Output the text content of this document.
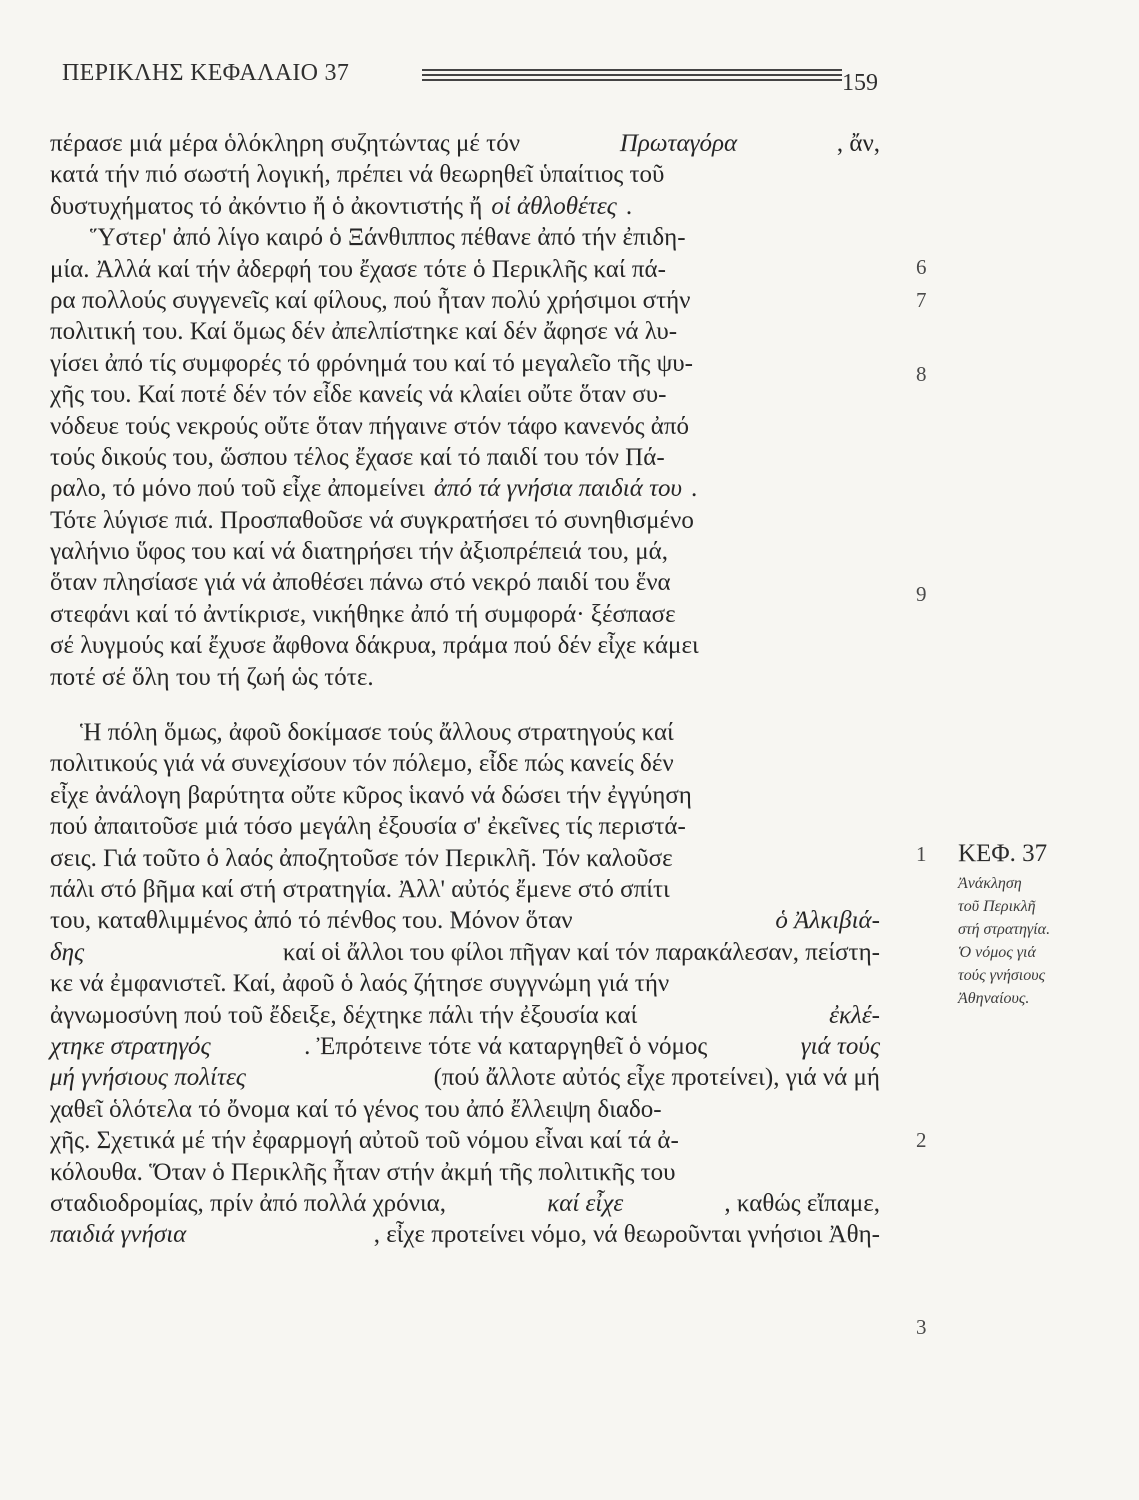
ΠΕΡΙΚΛΗΣ ΚΕΦΑΛΑΙΟ 37	159
πέρασε μιά μέρα ὁλόκληρη συζητώντας μέ τόν	Πρωταγόρα	, ἄν,
κατά τήν πιό σωστή λογική, πρέπει νά θεωρηθεῖ ὑπαίτιος τοῦ
δυστυχήματος τό ἀκόντιο ἤ ὁ ἀκοντιστής ἤ οἱ ἀθλοθέτες .
Ὕστερ' ἀπό λίγο καιρό ὁ Ξάνθιππος πέθανε ἀπό τήν ἐπιδη-
μία. Ἀλλά καί τήν ἀδερφή του ἔχασε τότε ὁ Περικλῆς καί πά-
ρα πολλούς συγγενεῖς καί φίλους, πού ἦταν πολύ χρήσιμοι στήν
πολιτική του. Καί ὅμως δέν ἀπελπίστηκε καί δέν ἄφησε νά λυ-
γίσει ἀπό τίς συμφορές τό φρόνημά του καί τό μεγαλεῖο τῆς ψυ-
χῆς του. Καί ποτέ δέν τόν εἶδε κανείς νά κλαίει οὔτε ὅταν συ-
νόδευε τούς νεκρούς οὔτε ὅταν πήγαινε στόν τάφο κανενός ἀπό
τούς δικούς του, ὥσπου τέλος ἔχασε καί τό παιδί του τόν Πά-
ραλο, τό μόνο πού τοῦ εἶχε ἀπομείνει ἀπό τά γνήσια παιδιά του .
Τότε λύγισε πιά. Προσπαθοῦσε νά συγκρατήσει τό συνηθισμένο
γαλήνιο ὕφος του καί νά διατηρήσει τήν ἀξιοπρέπειά του, μά,
ὅταν πλησίασε γιά νά ἀποθέσει πάνω στό νεκρό παιδί του ἕνα
στεφάνι καί τό ἀντίκρισε, νικήθηκε ἀπό τή συμφορά· ξέσπασε
σέ λυγμούς καί ἔχυσε ἄφθονα δάκρυα, πράμα πού δέν εἶχε κάμει
ποτέ σέ ὅλη του τή ζωή ὡς τότε.
Ἡ πόλη ὅμως, ἀφοῦ δοκίμασε τούς ἄλλους στρατηγούς καί
πολιτικούς γιά νά συνεχίσουν τόν πόλεμο, εἶδε πώς κανείς δέν
εἶχε ἀνάλογη βαρύτητα οὔτε κῦρος ἱκανό νά δώσει τήν ἐγγύηση
πού ἀπαιτοῦσε μιά τόσο μεγάλη ἐξουσία σ' ἐκεῖνες τίς περιστά-
σεις. Γιά τοῦτο ὁ λαός ἀποζητοῦσε τόν Περικλῆ. Τόν καλοῦσε
πάλι στό βῆμα καί στή στρατηγία. Ἀλλ' αὐτός ἔμενε στό σπίτι
του, καταθλιμμένος ἀπό τό πένθος του. Μόνον ὅταν	ὁ Ἀλκιβιά-
δης	καί οἱ ἄλλοι του φίλοι πῆγαν καί τόν παρακάλεσαν, πείστη-
κε νά ἐμφανιστεῖ. Καί, ἀφοῦ ὁ λαός ζήτησε συγγνώμη γιά τήν
ἀγνωμοσύνη πού τοῦ ἔδειξε, δέχτηκε πάλι τήν ἐξουσία καί	ἐκλέ-
χτηκε στρατηγός	. Ἐπρότεινε τότε νά καταργηθεῖ ὁ νόμος	γιά τούς
μή γνήσιους πολίτες	(πού ἄλλοτε αὐτός εἶχε προτείνει), γιά νά μή
χαθεῖ ὁλότελα τό ὄνομα καί τό γένος του ἀπό ἔλλειψη διαδο-
χῆς. Σχετικά μέ τήν ἐφαρμογή αὐτοῦ τοῦ νόμου εἶναι καί τά ἀ-
κόλουθα. Ὅταν ὁ Περικλῆς ἦταν στήν ἀκμή τῆς πολιτικῆς του
σταδιοδρομίας, πρίν ἀπό πολλά χρόνια,	καί εἶχε	, καθώς εἴπαμε,
παιδιά γνήσια	, εἶχε προτείνει νόμο, νά θεωροῦνται γνήσιοι Ἀθη-
6
7
8
9
1
2
3
ΚΕΦ. 37
Ἀνάκληση
τοῦ Περικλῆ
στή στρατηγία.
Ὁ νόμος γιά
τούς γνήσιους
Ἀθηναίους.
